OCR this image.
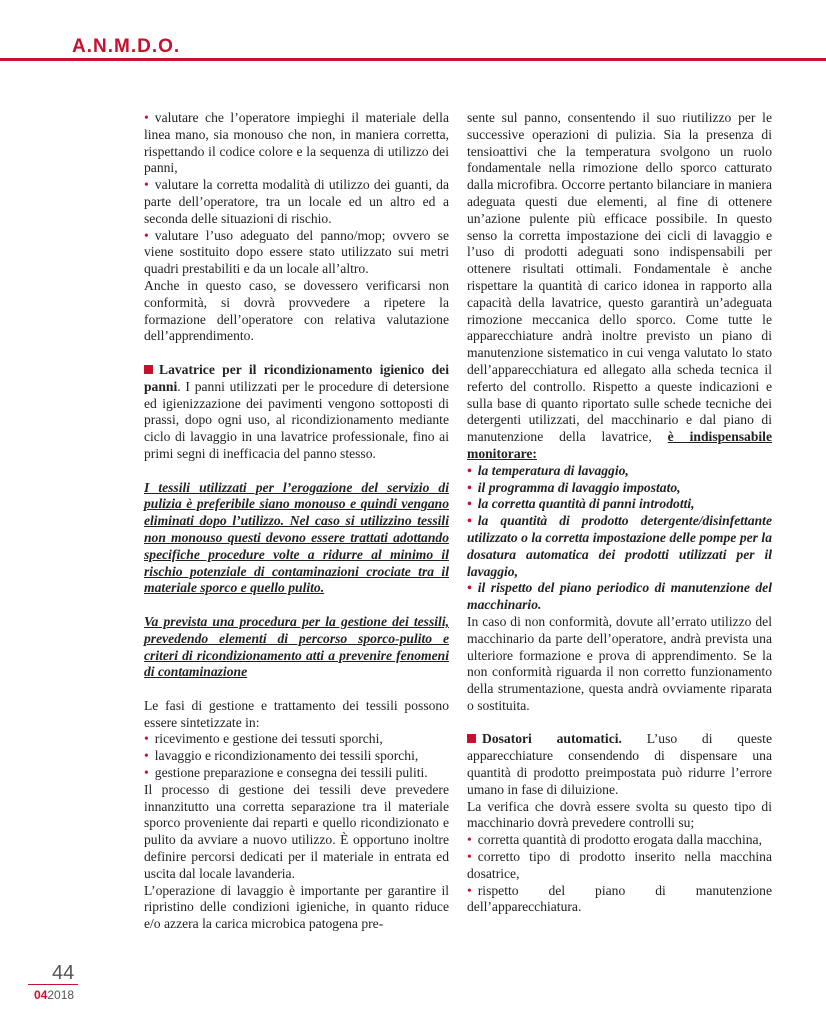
A.N.M.D.O.

• valutare che l’operatore impieghi il materiale della linea mano, sia monouso che non, in maniera corretta, rispettando il codice colore e la sequenza di utilizzo dei panni,

• valutare la corretta modalità di utilizzo dei guanti, da parte dell’operatore, tra un locale ed un altro ed a seconda delle situazioni di rischio.

• valutare l’uso adeguato del panno/mop; ovvero se viene sostituito dopo essere stato utilizzato sui metri quadri prestabiliti e da un locale all’altro.

Anche in questo caso, se dovessero verificarsi non conformità, si dovrà provvedere a ripetere la formazione dell’operatore con relativa valutazione dell’apprendimento.

Lavatrice per il ricondizionamento igienico dei panni. I panni utilizzati per le procedure di detersione ed igienizzazione dei pavimenti vengono sottoposti di prassi, dopo ogni uso, al ricondizionamento mediante ciclo di lavaggio in una lavatrice professionale, fino ai primi segni di inefficacia del panno stesso.

I tessili utilizzati per l’erogazione del servizio di pulizia è preferibile siano monouso e quindi vengano eliminati dopo l’utilizzo. Nel caso si utilizzino tessili non monouso questi devono essere trattati adottando specifiche procedure volte a ridurre al minimo il rischio potenziale di contaminazioni crociate tra il materiale sporco e quello pulito.

Va prevista una procedura per la gestione dei tessili, prevedendo elementi di percorso sporco-pulito e criteri di ricondizionamento atti a prevenire fenomeni di contaminazione

Le fasi di gestione e trattamento dei tessili possono essere sintetizzate in:

• ricevimento e gestione dei tessuti sporchi,

• lavaggio e ricondizionamento dei tessili sporchi,

• gestione preparazione e consegna dei tessili puliti.

Il processo di gestione dei tessili deve prevedere innanzitutto una corretta separazione tra il materiale sporco proveniente dai reparti e quello ricondizionato e pulito da avviare a nuovo utilizzo. È opportuno inoltre definire percorsi dedicati per il materiale in entrata ed uscita dal locale lavanderia.

L’operazione di lavaggio è importante per garantire il ripristino delle condizioni igieniche, in quanto riduce e/o azzera la carica microbica patogena pre-

sente sul panno, consentendo il suo riutilizzo per le successive operazioni di pulizia. Sia la presenza di tensioattivi che la temperatura svolgono un ruolo fondamentale nella rimozione dello sporco catturato dalla microfibra. Occorre pertanto bilanciare in maniera adeguata questi due elementi, al fine di ottenere un’azione pulente più efficace possibile. In questo senso la corretta impostazione dei cicli di lavaggio e l’uso di prodotti adeguati sono indispensabili per ottenere risultati ottimali. Fondamentale è anche rispettare la quantità di carico idonea in rapporto alla capacità della lavatrice, questo garantirà un’adeguata rimozione meccanica dello sporco. Come tutte le apparecchiature andrà inoltre previsto un piano di manutenzione sistematico in cui venga valutato lo stato dell’apparecchiatura ed allegato alla scheda tecnica il referto del controllo. Rispetto a queste indicazioni e sulla base di quanto riportato sulle schede tecniche dei detergenti utilizzati, del macchinario e dal piano di manutenzione della lavatrice, è indispensabile monitorare:

• la temperatura di lavaggio,

• il programma di lavaggio impostato,

• la corretta quantità di panni introdotti,

• la quantità di prodotto detergente/disinfettante utilizzato o la corretta impostazione delle pompe per la dosatura automatica dei prodotti utilizzati per il lavaggio,

• il rispetto del piano periodico di manutenzione del macchinario.

In caso di non conformità, dovute all’errato utilizzo del macchinario da parte dell’operatore, andrà prevista una ulteriore formazione e prova di apprendimento. Se la non conformità riguarda il non corretto funzionamento della strumentazione, questa andrà ovviamente riparata o sostituita.

Dosatori automatici. L’uso di queste apparecchiature consendendo di dispensare una quantità di prodotto preimpostata può ridurre l’errore umano in fase di diluizione.

La verifica che dovrà essere svolta su questo tipo di macchinario dovrà prevedere controlli su;

• corretta quantità di prodotto erogata dalla macchina,

• corretto tipo di prodotto inserito nella macchina dosatrice,

• rispetto del piano di manutenzione dell’apparecchiatura.

44
042018
